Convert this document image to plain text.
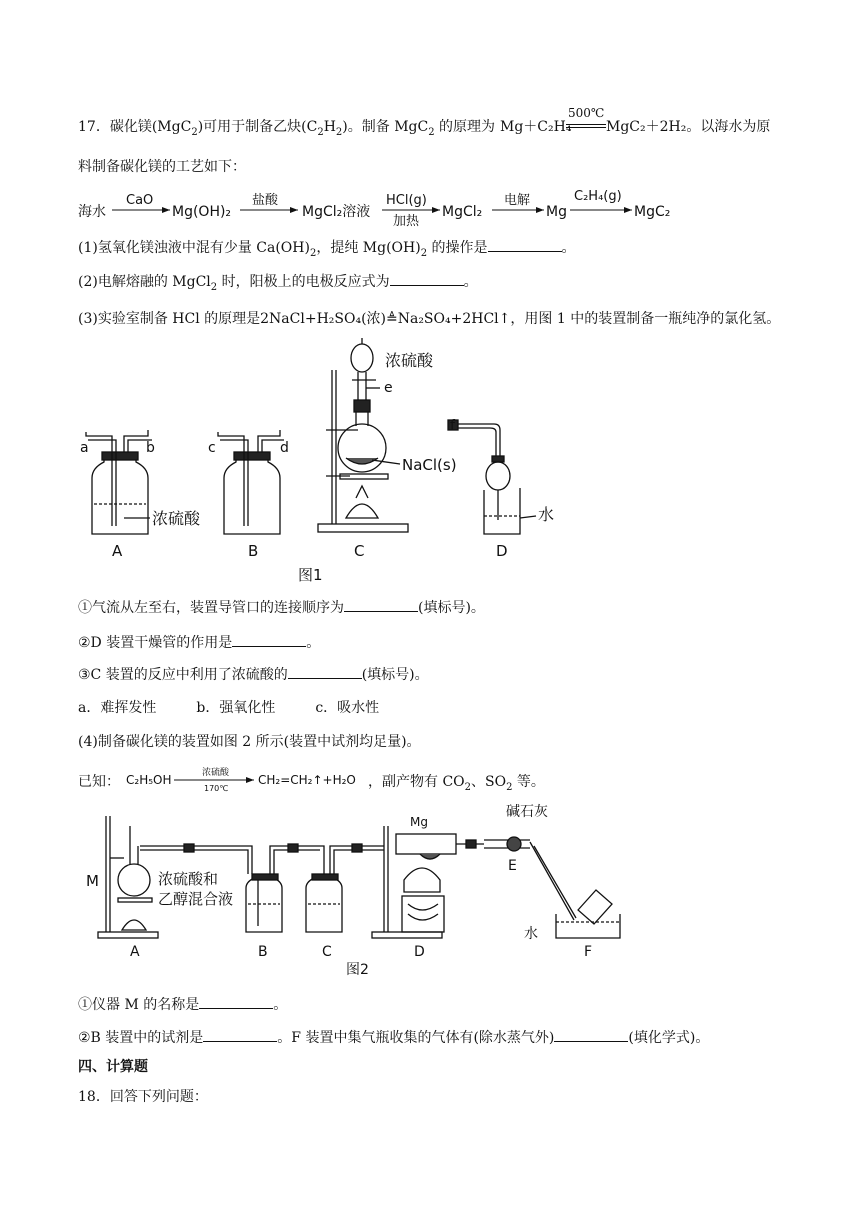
17．碳化镁(MgC$_2$)可用于制备乙炔$(C_2H_2)$。制备 MgC$_2$ 的原理为 Mg＋C₂H₄
500℃
MgC₂＋2H₂。以海水为原
料制备碳化镁的工艺如下：
海水
CaO
Mg(OH)₂
盐酸
MgCl₂溶液
HCl(g)
加热
MgCl₂
电解
Mg
C₂H₄(g)
MgC₂
(1)氢氧化镁浊液中混有少量 $Ca(OH)_2$，提纯 $Mg(OH)_2$ 的操作是	。
(2)电解熔融的 MgCl$_2$ 时，阳极上的电极反应式为	。
(3)实验室制备 HCl 的原理是2NaCl+H₂SO₄(浓)≜Na₂SO₄+2HCl↑，用图 1 中的装置制备一瓶纯净的氯化氢。
a	b	c	d
e
f
浓硫酸
NaCl(s)
浓硫酸	水
A	B	C	D
图1
①气流从左至右，装置导管口的连接顺序为	(填标号)。
②D 装置干燥管的作用是	。
③C 装置的反应中利用了浓硫酸的	(填标号)。
a．难挥发性	b．强氧化性	c．吸水性
(4)制备碳化镁的装置如图 2 所示(装置中试剂均足量)。
已知： C₂H₅OH	浓硫酸
170℃
CH₂=CH₂↑+H₂O ，副产物有 $CO_2$、$SO_2$ 等。
M	浓硫酸和
乙醇混合液
Mg
碱石灰
E
水
A	B	C	D	F
图2
①仪器 M 的名称是	。
②B 装置中的试剂是	。F 装置中集气瓶收集的气体有(除水蒸气外)	(填化学式)。
四、计算题
18．回答下列问题：
